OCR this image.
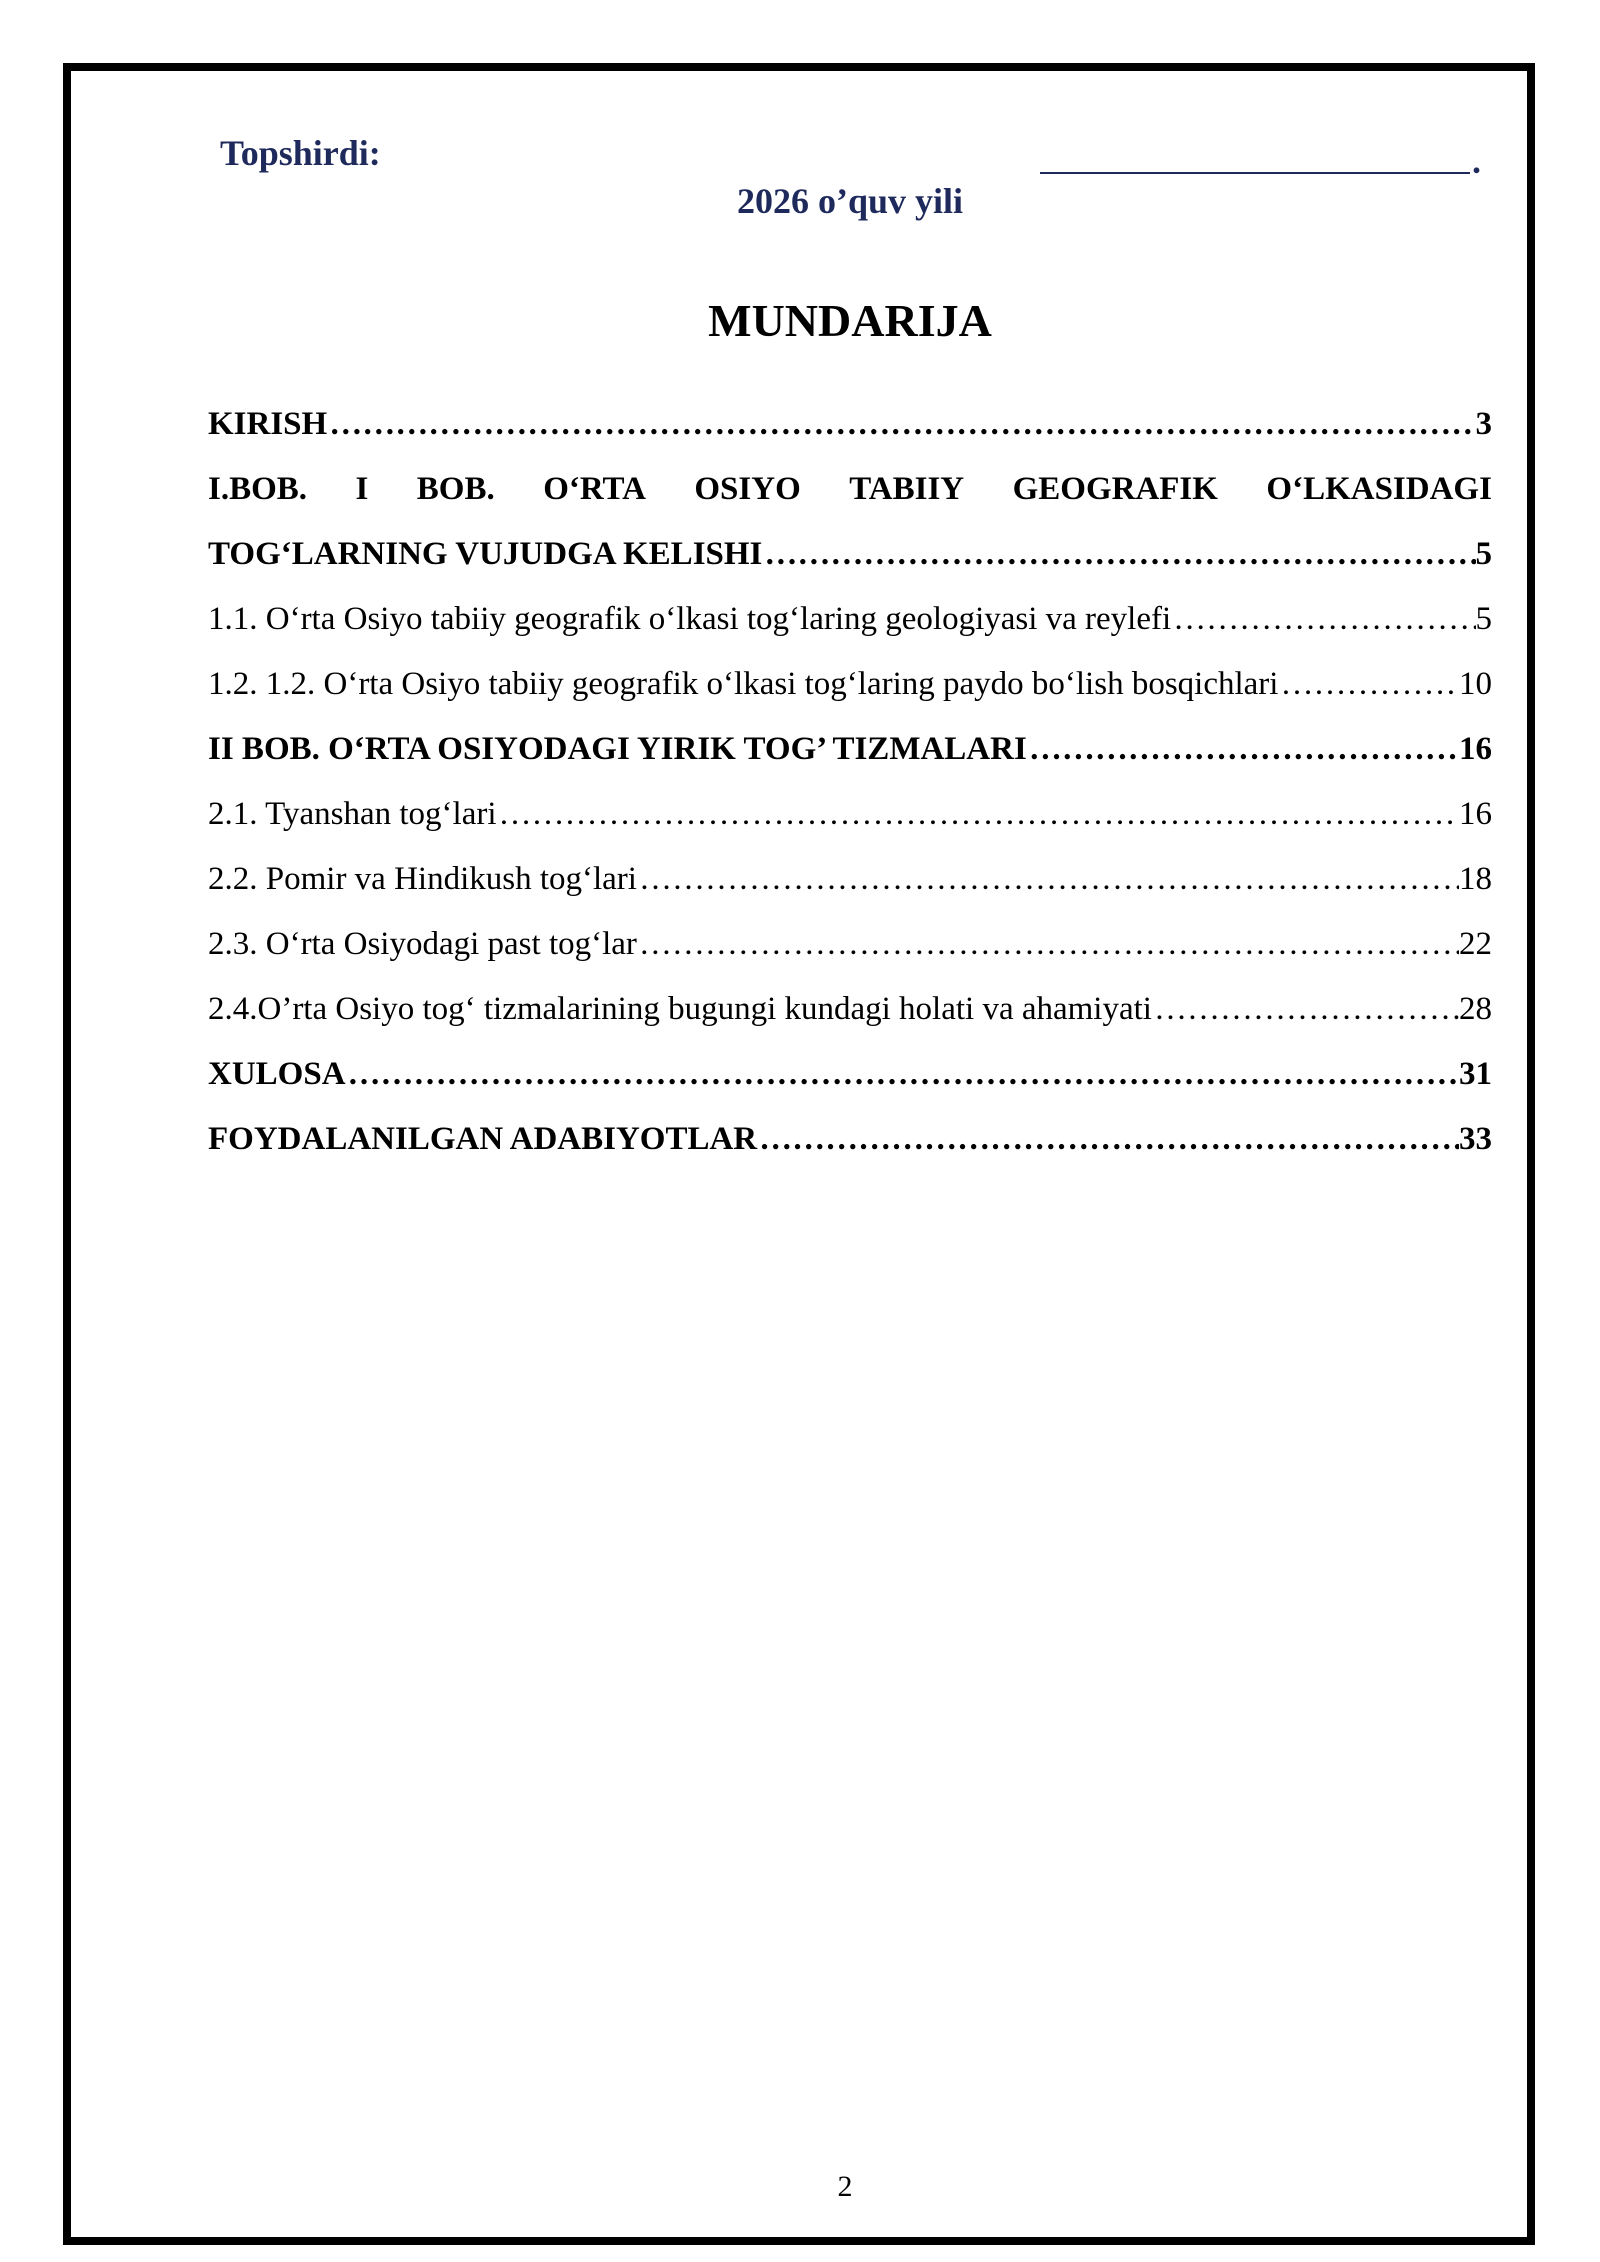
Topshirdi:	.
2026 o’quv yili
MUNDARIJA
KIRISH …………………………………………………………………………………………………………………………………………………………………………………………………………	3
I.BOB. I BOB. O‘RTA OSIYO TABIIY GEOGRAFIK O‘LKASIDAGI
TOG‘LARNING VUJUDGA KELISHI …………………………………………………………………………………………………………………………………………………………………………………………………………	5
1.1. O‘rta Osiyo tabiiy geografik o‘lkasi tog‘laring geologiyasi va reylefi …………………………………………………………………………………………………………………………………………………………………………………………………………	5
1.2. 1.2. O‘rta Osiyo tabiiy geografik o‘lkasi tog‘laring paydo bo‘lish bosqichlari …………………………………………………………………………………………………………………………………………………………………………………………………………	10
II BOB. O‘RTA OSIYODAGI YIRIK TOG’ TIZMALARI …………………………………………………………………………………………………………………………………………………………………………………………………………	16
2.1. Tyanshan tog‘lari …………………………………………………………………………………………………………………………………………………………………………………………………………	16
2.2. Pomir va Hindikush tog‘lari …………………………………………………………………………………………………………………………………………………………………………………………………………	18
2.3. O‘rta Osiyodagi past tog‘lar …………………………………………………………………………………………………………………………………………………………………………………………………………	22
2.4.O’rta Osiyo tog‘ tizmalarining bugungi kundagi holati va ahamiyati …………………………………………………………………………………………………………………………………………………………………………………………………………	28
XULOSA …………………………………………………………………………………………………………………………………………………………………………………………………………	31
FOYDALANILGAN ADABIYOTLAR …………………………………………………………………………………………………………………………………………………………………………………………………………	33
2
